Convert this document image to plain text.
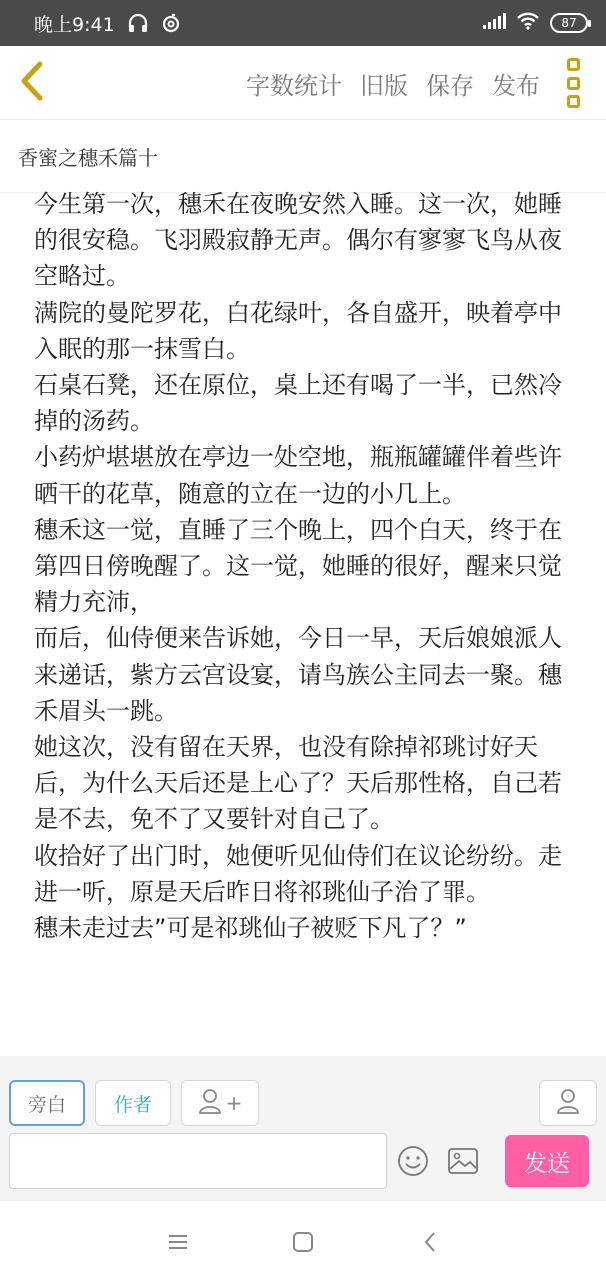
晚上9:41	87
字数统计 旧版 保存 发布
香蜜之穗禾篇十

今生第一次，穗禾在夜晚安然入睡。这一次，她睡的很安稳。飞羽殿寂静无声。偶尔有寥寥飞鸟从夜空略过。

满院的曼陀罗花，白花绿叶，各自盛开，映着亭中入眠的那一抹雪白。

石桌石凳，还在原位，桌上还有喝了一半，已然冷掉的汤药。

小药炉堪堪放在亭边一处空地，瓶瓶罐罐伴着些许晒干的花草，随意的立在一边的小几上。

穗禾这一觉，直睡了三个晚上，四个白天，终于在第四日傍晚醒了。这一觉，她睡的很好，醒来只觉精力充沛，

而后，仙侍便来告诉她，今日一早，天后娘娘派人来递话，紫方云宫设宴，请鸟族公主同去一聚。穗禾眉头一跳。

她这次，没有留在天界，也没有除掉祁珧讨好天后，为什么天后还是上心了？天后那性格，自己若是不去，免不了又要针对自己了。

收拾好了出门时，她便听见仙侍们在议论纷纷。走进一听，原是天后昨日将祁珧仙子治了罪。

穗未走过去”可是祁珧仙子被贬下凡了？”

旁白	作者	+
发送
